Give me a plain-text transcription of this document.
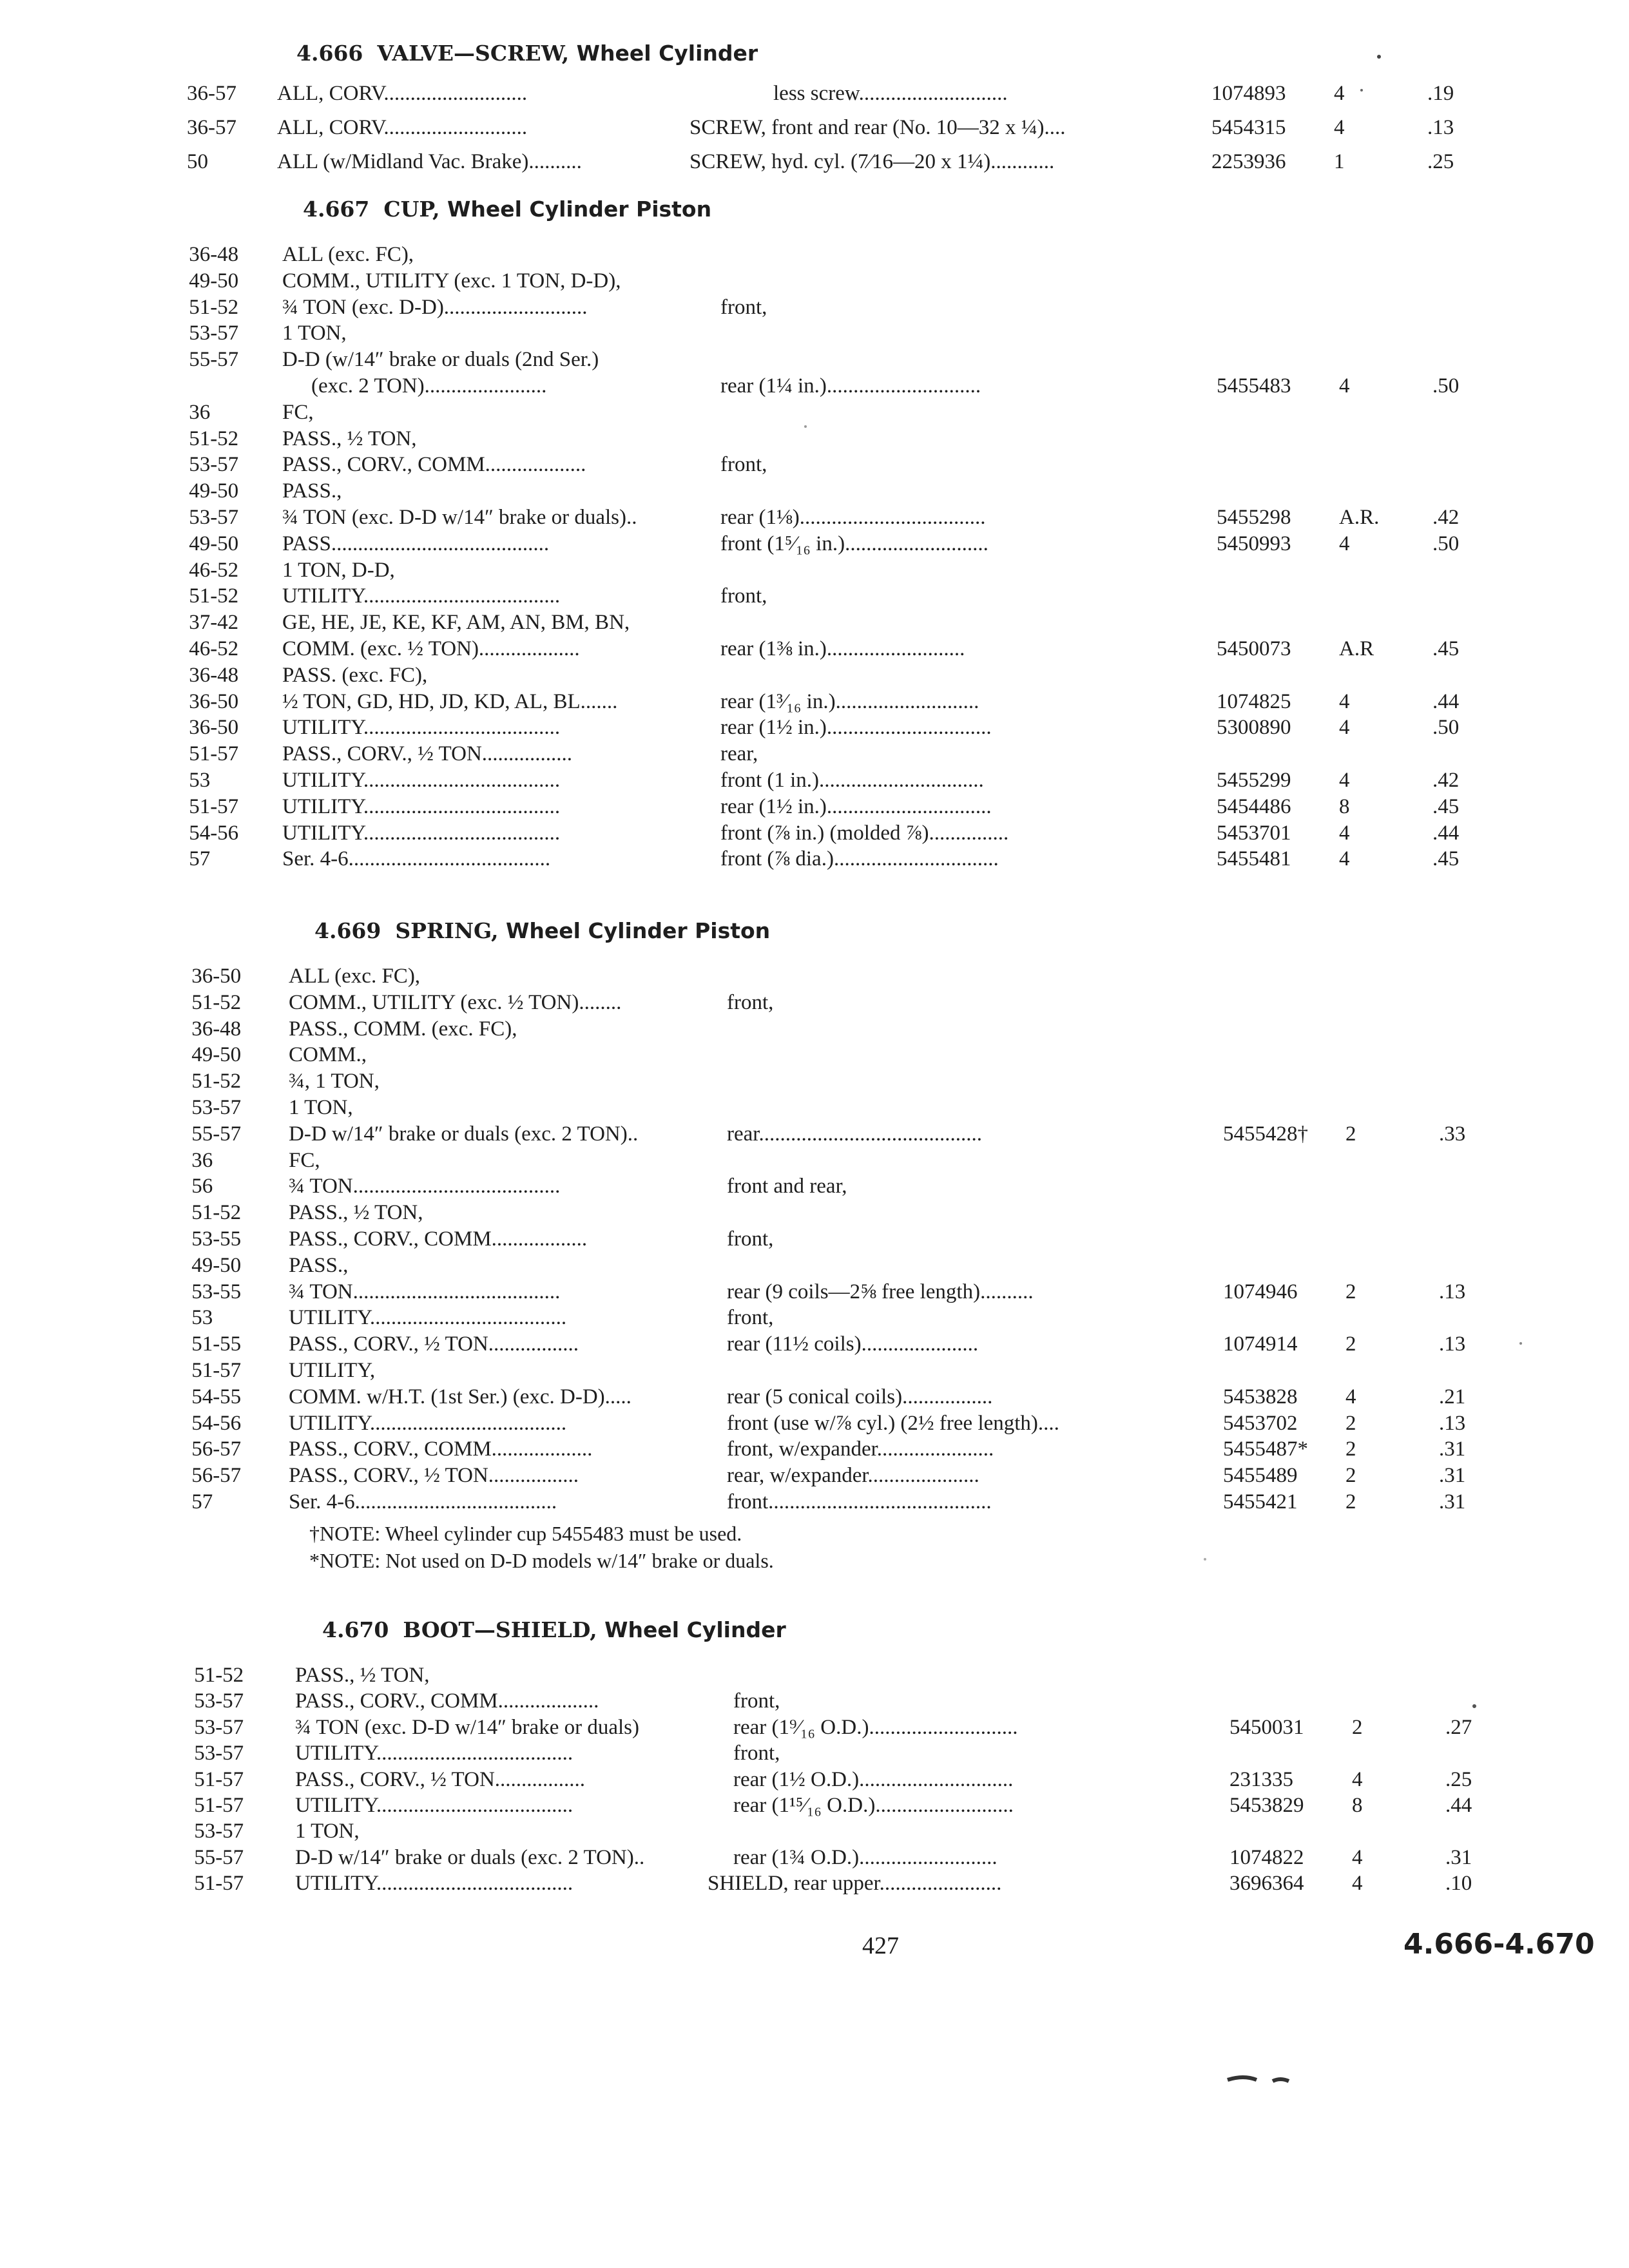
4.666 VALVE—SCREW, Wheel Cylinder
36-57 ALL, CORV...........................	less screw............................	1074893 4	.19
36-57 ALL, CORV...........................	SCREW, front and rear (No. 10—32 x ¼)....	5454315 4	.13
50	ALL (w/Midland Vac. Brake)..........	SCREW, hyd. cyl. (7⁄16—20 x 1¼)............	2253936 1	.25
4.667 CUP, Wheel Cylinder Piston
36-48 ALL (exc. FC),
49-50 COMM., UTILITY (exc. 1 TON, D-D),
51-52 ¾ TON (exc. D-D)...........................	front,
53-57 1 TON,
55-57 D-D (w/14″ brake or duals (2nd Ser.)
(exc. 2 TON).......................	rear (1¼ in.).............................	5455483 4	.50
36	FC,
51-52 PASS., ½ TON,
53-57 PASS., CORV., COMM...................	front,
49-50 PASS.,
53-57 ¾ TON (exc. D-D w/14″ brake or duals)..	rear (1⅛)...................................	5455298 A.R.	.42
49-50 PASS.........................................	front (1⁵⁄₁₆ in.)...........................	5450993 4	.50
46-52 1 TON, D-D,
51-52 UTILITY.....................................	front,
37-42 GE, HE, JE, KE, KF, AM, AN, BM, BN,
46-52 COMM. (exc. ½ TON)...................	rear (1⅜ in.)..........................	5450073 A.R	.45
36-48 PASS. (exc. FC),
36-50 ½ TON, GD, HD, JD, KD, AL, BL.......	rear (1³⁄₁₆ in.)...........................	1074825 4	.44
36-50 UTILITY.....................................	rear (1½ in.)...............................	5300890 4	.50
51-57 PASS., CORV., ½ TON.................	rear,
53	UTILITY.....................................	front (1 in.)...............................	5455299 4	.42
51-57 UTILITY.....................................	rear (1½ in.)...............................	5454486 8	.45
54-56 UTILITY.....................................	front (⅞ in.) (molded ⅞)...............	5453701 4	.44
57	Ser. 4-6......................................	front (⅞ dia.)...............................	5455481 4	.45
4.669 SPRING, Wheel Cylinder Piston
36-50 ALL (exc. FC),
51-52 COMM., UTILITY (exc. ½ TON)........	front,
36-48 PASS., COMM. (exc. FC),
49-50 COMM.,
51-52 ¾, 1 TON,
53-57 1 TON,
55-57 D-D w/14″ brake or duals (exc. 2 TON)..	rear..........................................	5455428† 2	.33
36	FC,
56	¾ TON.......................................	front and rear,
51-52 PASS., ½ TON,
53-55 PASS., CORV., COMM..................	front,
49-50 PASS.,
53-55 ¾ TON.......................................	rear (9 coils—2⅝ free length)..........	1074946 2	.13
53	UTILITY.....................................	front,
51-55 PASS., CORV., ½ TON.................	rear (11½ coils)......................	1074914 2	.13
51-57 UTILITY,
54-55 COMM. w/H.T. (1st Ser.) (exc. D-D).....	rear (5 conical coils).................	5453828 4	.21
54-56 UTILITY.....................................	front (use w/⅞ cyl.) (2½ free length)....	5453702 2	.13
56-57 PASS., CORV., COMM...................	front, w/expander......................	5455487* 2	.31
56-57 PASS., CORV., ½ TON.................	rear, w/expander.....................	5455489 2	.31
57	Ser. 4-6......................................	front..........................................	5455421 2	.31
†NOTE: Wheel cylinder cup 5455483 must be used.
*NOTE: Not used on D-D models w/14″ brake or duals.
4.670 BOOT—SHIELD, Wheel Cylinder
51-52 PASS., ½ TON,
53-57 PASS., CORV., COMM...................	front,
53-57 ¾ TON (exc. D-D w/14″ brake or duals)	rear (1⁹⁄₁₆ O.D.)............................	5450031 2	.27
53-57 UTILITY.....................................	front,
51-57 PASS., CORV., ½ TON.................	rear (1½ O.D.).............................	231335	4	.25
51-57 UTILITY.....................................	rear (1¹⁵⁄₁₆ O.D.)..........................	5453829 8	.44
53-57 1 TON,
55-57 D-D w/14″ brake or duals (exc. 2 TON)..	rear (1¾ O.D.)..........................	1074822 4	.31
51-57 UTILITY.....................................	SHIELD, rear upper.......................	3696364 4	.10
427	4.666-4.670
